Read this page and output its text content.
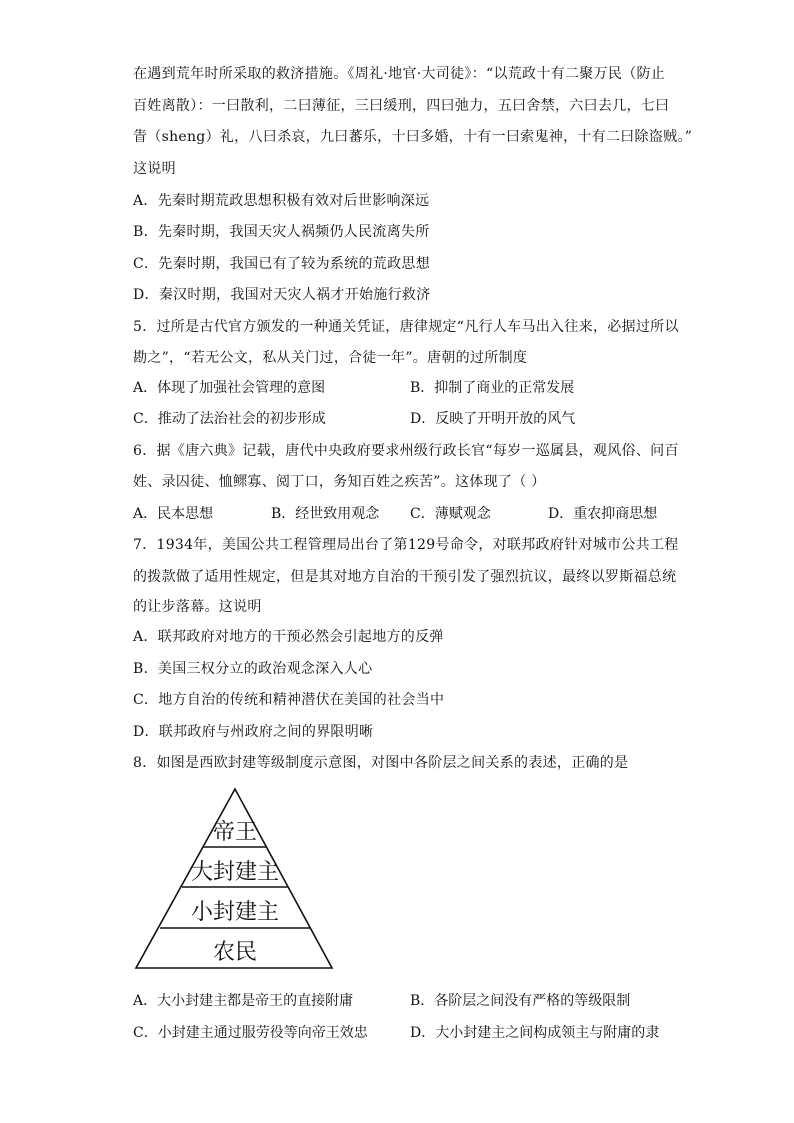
在遇到荒年时所采取的救济措施。《周礼·地官·大司徒》：“以荒政十有二聚万民（防止
百姓离散）：一曰散利，二曰薄征，三曰缓刑，四曰弛力，五曰舍禁，六曰去几，七曰
眚（sheng）礼，八曰杀哀，九曰蕃乐，十曰多婚，十有一曰索鬼神，十有二曰除盗贼。”
这说明
A．先秦时期荒政思想积极有效对后世影响深远
B．先秦时期，我国天灾人祸频仍人民流离失所
C．先秦时期，我国已有了较为系统的荒政思想
D．秦汉时期，我国对天灾人祸才开始施行救济
5．过所是古代官方颁发的一种通关凭证，唐律规定“凡行人车马出入往来，必据过所以
勘之”，“若无公文，私从关门过，合徒一年”。唐朝的过所制度
A．体现了加强社会管理的意图	B．抑制了商业的正常发展
C．推动了法治社会的初步形成	D．反映了开明开放的风气
6．据《唐六典》记载，唐代中央政府要求州级行政长官“每岁一巡属县，观风俗、问百
姓、录囚徒、恤鳏寡、阅丁口，务知百姓之疾苦”。这体现了（ ）
A．民本思想	B．经世致用观念 C．薄赋观念	D．重农抑商思想
7．1934年，美国公共工程管理局出台了第129号命令，对联邦政府针对城市公共工程
的拨款做了适用性规定，但是其对地方自治的干预引发了强烈抗议，最终以罗斯福总统
的让步落幕。这说明
A．联邦政府对地方的干预必然会引起地方的反弹
B．美国三权分立的政治观念深入人心
C．地方自治的传统和精神潜伏在美国的社会当中
D．联邦政府与州政府之间的界限明晰
8．如图是西欧封建等级制度示意图，对图中各阶层之间关系的表述，正确的是
帝王
大封建主
小封建主
农民
A．大小封建主都是帝王的直接附庸	B．各阶层之间没有严格的等级限制
C．小封建主通过服劳役等向帝王效忠	D．大小封建主之间构成领主与附庸的隶
